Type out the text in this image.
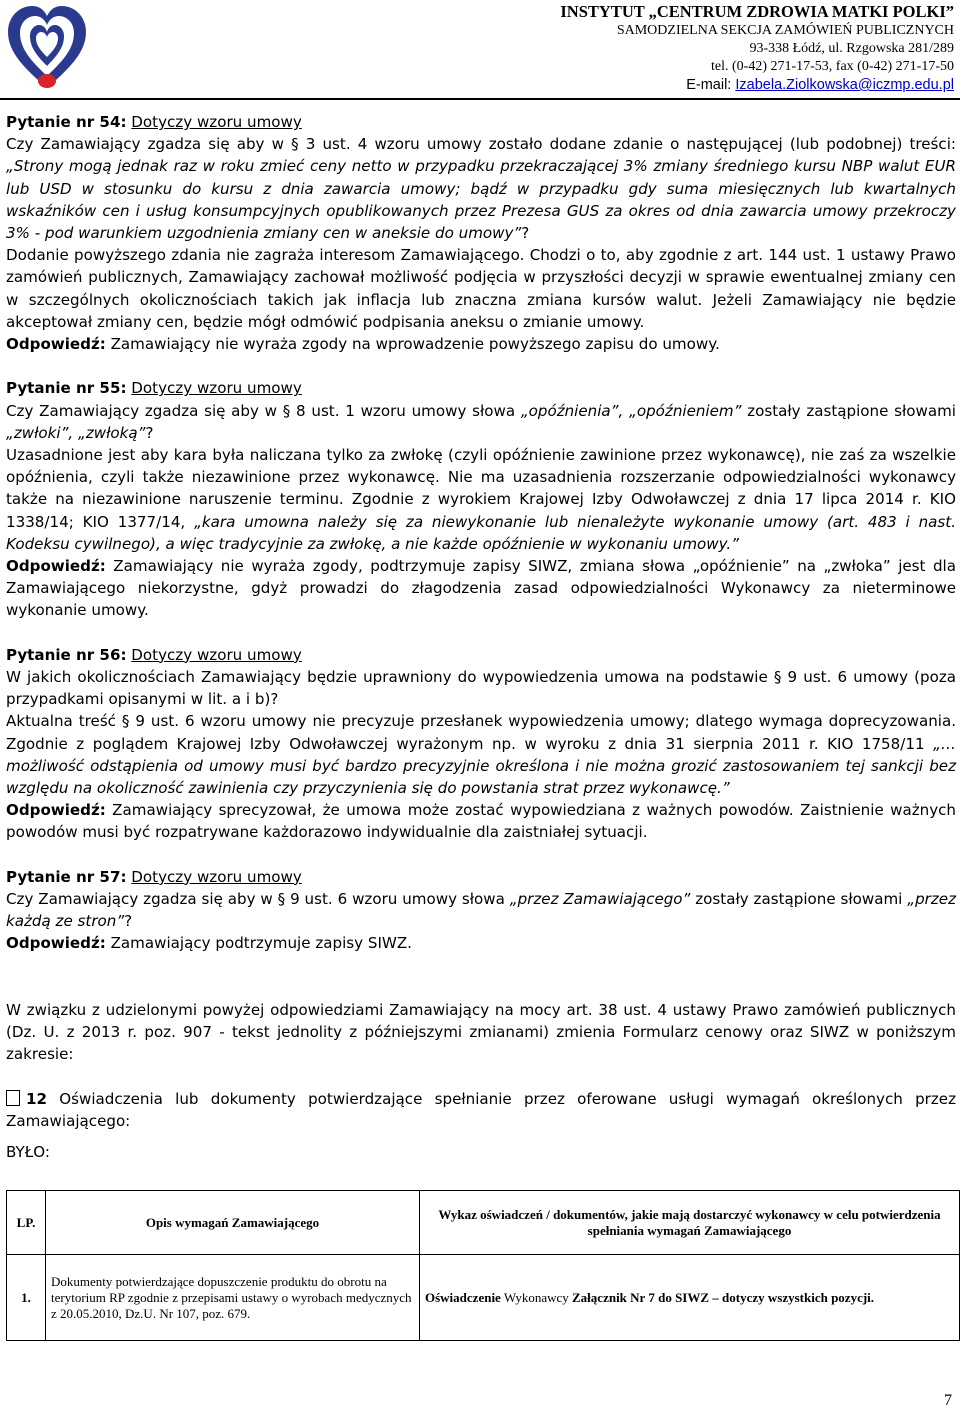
INSTYTUT „CENTRUM ZDROWIA MATKI POLKI”
SAMODZIELNA SEKCJA ZAMÓWIEŃ PUBLICZNYCH
93-338 Łódź, ul. Rzgowska 281/289
tel. (0-42) 271-17-53, fax (0-42) 271-17-50
E-mail: Izabela.Ziolkowska@iczmp.edu.pl

Pytanie nr 54: Dotyczy wzoru umowy

Czy Zamawiający zgadza się aby w § 3 ust. 4 wzoru umowy zostało dodane zdanie o następującej (lub podobnej) treści: „Strony mogą jednak raz w roku zmieć ceny netto w przypadku przekraczającej 3% zmiany średniego kursu NBP walut EUR lub USD w stosunku do kursu z dnia zawarcia umowy; bądź w przypadku gdy suma miesięcznych lub kwartalnych wskaźników cen i usług konsumpcyjnych opublikowanych przez Prezesa GUS za okres od dnia zawarcia umowy przekroczy 3% - pod warunkiem uzgodnienia zmiany cen w aneksie do umowy”?

Dodanie powyższego zdania nie zagraża interesom Zamawiającego. Chodzi o to, aby zgodnie z art. 144 ust. 1 ustawy Prawo zamówień publicznych, Zamawiający zachował możliwość podjęcia w przyszłości decyzji w sprawie ewentualnej zmiany cen w szczególnych okolicznościach takich jak inflacja lub znaczna zmiana kursów walut. Jeżeli Zamawiający nie będzie akceptował zmiany cen, będzie mógł odmówić podpisania aneksu o zmianie umowy.

Odpowiedź: Zamawiający nie wyraża zgody na wprowadzenie powyższego zapisu do umowy.

Pytanie nr 55: Dotyczy wzoru umowy

Czy Zamawiający zgadza się aby w § 8 ust. 1 wzoru umowy słowa „opóźnienia”, „opóźnieniem” zostały zastąpione słowami „zwłoki”, „zwłoką”?

Uzasadnione jest aby kara była naliczana tylko za zwłokę (czyli opóźnienie zawinione przez wykonawcę), nie zaś za wszelkie opóźnienia, czyli także niezawinione przez wykonawcę. Nie ma uzasadnienia rozszerzanie odpowiedzialności wykonawcy także na niezawinione naruszenie terminu. Zgodnie z wyrokiem Krajowej Izby Odwoławczej z dnia 17 lipca 2014 r. KIO 1338/14; KIO 1377/14, „kara umowna należy się za niewykonanie lub nienależyte wykonanie umowy (art. 483 i nast. Kodeksu cywilnego), a więc tradycyjnie za zwłokę, a nie każde opóźnienie w wykonaniu umowy.”

Odpowiedź: Zamawiający nie wyraża zgody, podtrzymuje zapisy SIWZ, zmiana słowa „opóźnienie” na „zwłoka” jest dla Zamawiającego niekorzystne, gdyż prowadzi do złagodzenia zasad odpowiedzialności Wykonawcy za nieterminowe wykonanie umowy.

Pytanie nr 56: Dotyczy wzoru umowy

W jakich okolicznościach Zamawiający będzie uprawniony do wypowiedzenia umowa na podstawie § 9 ust. 6 umowy (poza przypadkami opisanymi w lit. a i b)?

Aktualna treść § 9 ust. 6 wzoru umowy nie precyzuje przesłanek wypowiedzenia umowy; dlatego wymaga doprecyzowania. Zgodnie z poglądem Krajowej Izby Odwoławczej wyrażonym np. w wyroku z dnia 31 sierpnia 2011 r. KIO 1758/11 „…możliwość odstąpienia od umowy musi być bardzo precyzyjnie określona i nie można grozić zastosowaniem tej sankcji bez względu na okoliczność zawinienia czy przyczynienia się do powstania strat przez wykonawcę.”

Odpowiedź: Zamawiający sprecyzował, że umowa może zostać wypowiedziana z ważnych powodów. Zaistnienie ważnych powodów musi być rozpatrywane każdorazowo indywidualnie dla zaistniałej sytuacji.

Pytanie nr 57: Dotyczy wzoru umowy

Czy Zamawiający zgadza się aby w § 9 ust. 6 wzoru umowy słowa „przez Zamawiającego” zostały zastąpione słowami „przez każdą ze stron”?

Odpowiedź: Zamawiający podtrzymuje zapisy SIWZ.

W związku z udzielonymi powyżej odpowiedziami Zamawiający na mocy art. 38 ust. 4 ustawy Prawo zamówień publicznych (Dz. U. z 2013 r. poz. 907 - tekst jednolity z późniejszymi zmianami) zmienia Formularz cenowy oraz SIWZ w poniższym zakresie:

12 Oświadczenia lub dokumenty potwierdzające spełnianie przez oferowane usługi wymagań określonych przez Zamawiającego:

BYŁO:

LP.	Opis wymagań Zamawiającego	Wykaz oświadczeń / dokumentów, jakie mają dostarczyć wykonawcy w celu potwierdzenia spełniania wymagań Zamawiającego
1.	Dokumenty potwierdzające dopuszczenie produktu do obrotu na terytorium RP zgodnie z przepisami ustawy o wyrobach medycznych z 20.05.2010, Dz.U. Nr 107, poz. 679.	Oświadczenie Wykonawcy Załącznik Nr 7 do SIWZ – dotyczy wszystkich pozycji.
7
